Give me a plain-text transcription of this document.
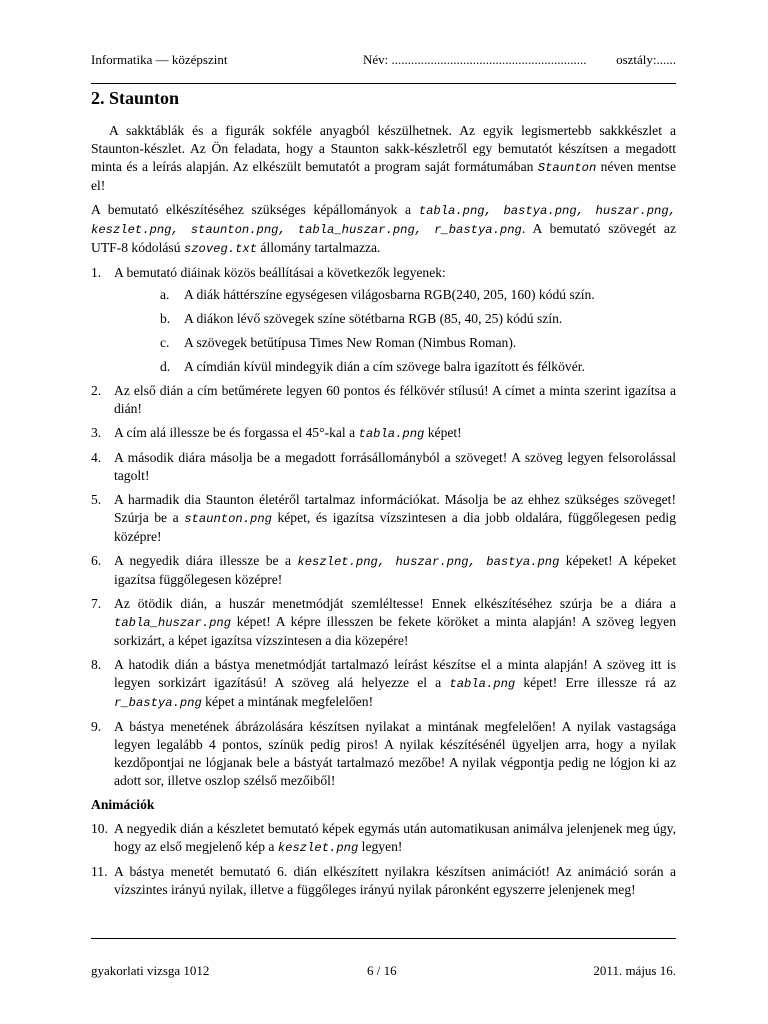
Informatika — középszint	Név: ............................................................ osztály:......
2. Staunton

A sakktáblák és a figurák sokféle anyagból készülhetnek. Az egyik legismertebb sakkkészlet a Staunton-készlet. Az Ön feladata, hogy a Staunton sakk-készletről egy bemutatót készítsen a megadott minta és a leírás alapján. Az elkészült bemutatót a program saját formátumában Staunton néven mentse el!

A bemutató elkészítéséhez szükséges képállományok a tabla.png, bastya.png, huszar.png, keszlet.png, staunton.png, tabla_huszar.png, r_bastya.png. A bemutató szövegét az UTF-8 kódolású szoveg.txt állomány tartalmazza.

1. A bemutató diáinak közös beállításai a következők legyenek:
a. A diák háttérszíne egységesen világosbarna RGB(240, 205, 160) kódú szín.
b. A diákon lévő szövegek színe sötétbarna RGB (85, 40, 25) kódú szín.
c. A szövegek betűtípusa Times New Roman (Nimbus Roman).
d. A címdián kívül mindegyik dián a cím szövege balra igazított és félkövér.
2. Az első dián a cím betűmérete legyen 60 pontos és félkövér stílusú! A címet a minta szerint igazítsa a dián!
3. A cím alá illessze be és forgassa el 45°-kal a tabla.png képet!
4. A második diára másolja be a megadott forrásállományból a szöveget! A szöveg legyen felsorolással tagolt!
5. A harmadik dia Staunton életéről tartalmaz információkat. Másolja be az ehhez szükséges szöveget! Szúrja be a staunton.png képet, és igazítsa vízszintesen a dia jobb oldalára, függőlegesen pedig középre!
6. A negyedik diára illessze be a keszlet.png, huszar.png, bastya.png képeket! A képeket igazítsa függőlegesen középre!
7. Az ötödik dián, a huszár menetmódját szemléltesse! Ennek elkészítéséhez szúrja be a diára a tabla_huszar.png képet! A képre illesszen be fekete köröket a minta alapján! A szöveg legyen sorkizárt, a képet igazítsa vízszintesen a dia közepére!
8. A hatodik dián a bástya menetmódját tartalmazó leírást készítse el a minta alapján! A szöveg itt is legyen sorkizárt igazítású! A szöveg alá helyezze el a tabla.png képet! Erre illessze rá az r_bastya.png képet a mintának megfelelően!
9. A bástya menetének ábrázolására készítsen nyilakat a mintának megfelelően! A nyilak vastagsága legyen legalább 4 pontos, színük pedig piros! A nyilak készítésénél ügyeljen arra, hogy a nyilak kezdőpontjai ne lógjanak bele a bástyát tartalmazó mezőbe! A nyilak végpontja pedig ne lógjon ki az adott sor, illetve oszlop szélső mezőiből!

Animációk

10. A negyedik dián a készletet bemutató képek egymás után automatikusan animálva jelenjenek meg úgy, hogy az első megjelenő kép a keszlet.png legyen!
11. A bástya menetét bemutató 6. dián elkészített nyilakra készítsen animációt! Az animáció során a vízszintes irányú nyilak, illetve a függőleges irányú nyilak páronként egyszerre jelenjenek meg!
gyakorlati vizsga 1012	6 / 16	2011. május 16.
